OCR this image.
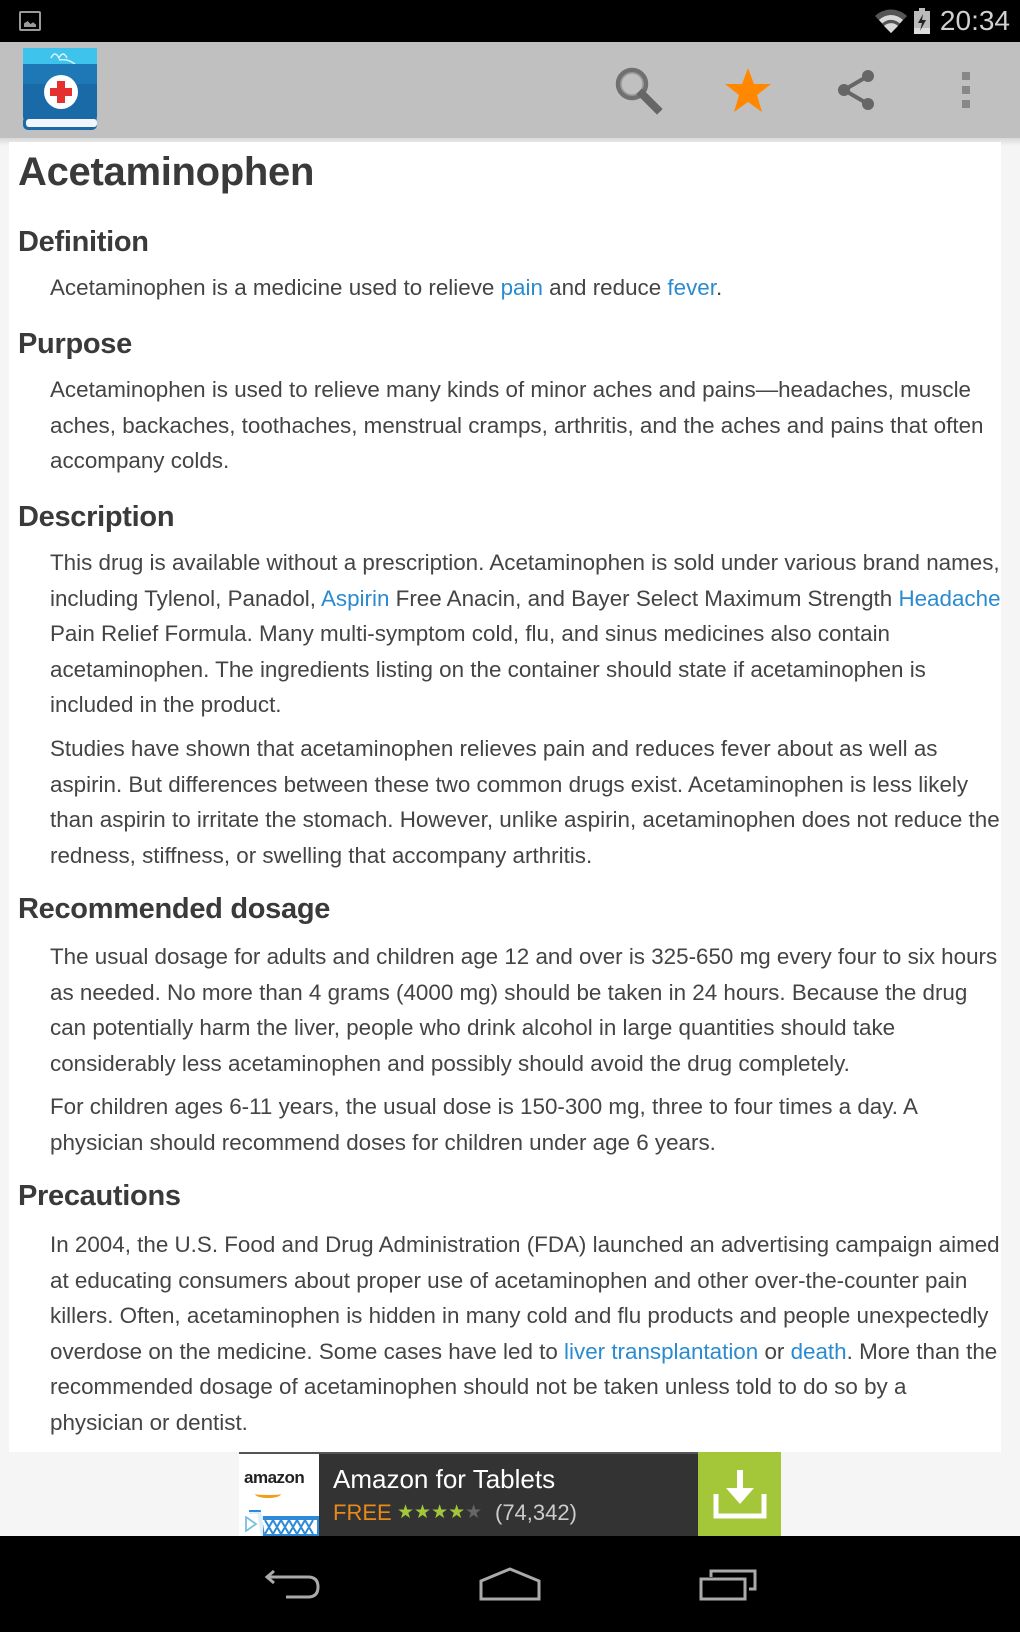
20:34
Acetaminophen
Definition
Acetaminophen is a medicine used to relieve pain and reduce fever.
Purpose
Acetaminophen is used to relieve many kinds of minor aches and pains—headaches, muscle aches, backaches, toothaches, menstrual cramps, arthritis, and the aches and pains that often accompany colds.
Description
This drug is available without a prescription. Acetaminophen is sold under various brand names, including Tylenol, Panadol, Aspirin Free Anacin, and Bayer Select Maximum Strength Headache Pain Relief Formula. Many multi-symptom cold, flu, and sinus medicines also contain acetaminophen. The ingredients listing on the container should state if acetaminophen is included in the product.
Studies have shown that acetaminophen relieves pain and reduces fever about as well as aspirin. But differences between these two common drugs exist. Acetaminophen is less likely than aspirin to irritate the stomach. However, unlike aspirin, acetaminophen does not reduce the redness, stiffness, or swelling that accompany arthritis.
Recommended dosage
The usual dosage for adults and children age 12 and over is 325-650 mg every four to six hours as needed. No more than 4 grams (4000 mg) should be taken in 24 hours. Because the drug can potentially harm the liver, people who drink alcohol in large quantities should take considerably less acetaminophen and possibly should avoid the drug completely.
For children ages 6-11 years, the usual dose is 150-300 mg, three to four times a day. A physician should recommend doses for children under age 6 years.
Precautions
In 2004, the U.S. Food and Drug Administration (FDA) launched an advertising campaign aimed at educating consumers about proper use of acetaminophen and other over-the-counter pain killers. Often, acetaminophen is hidden in many cold and flu products and people unexpectedly overdose on the medicine. Some cases have led to liver transplantation or death. More than the recommended dosage of acetaminophen should not be taken unless told to do so by a physician or dentist.
amazon Amazon for Tablets
FREE ★★★★★ (74,342)
